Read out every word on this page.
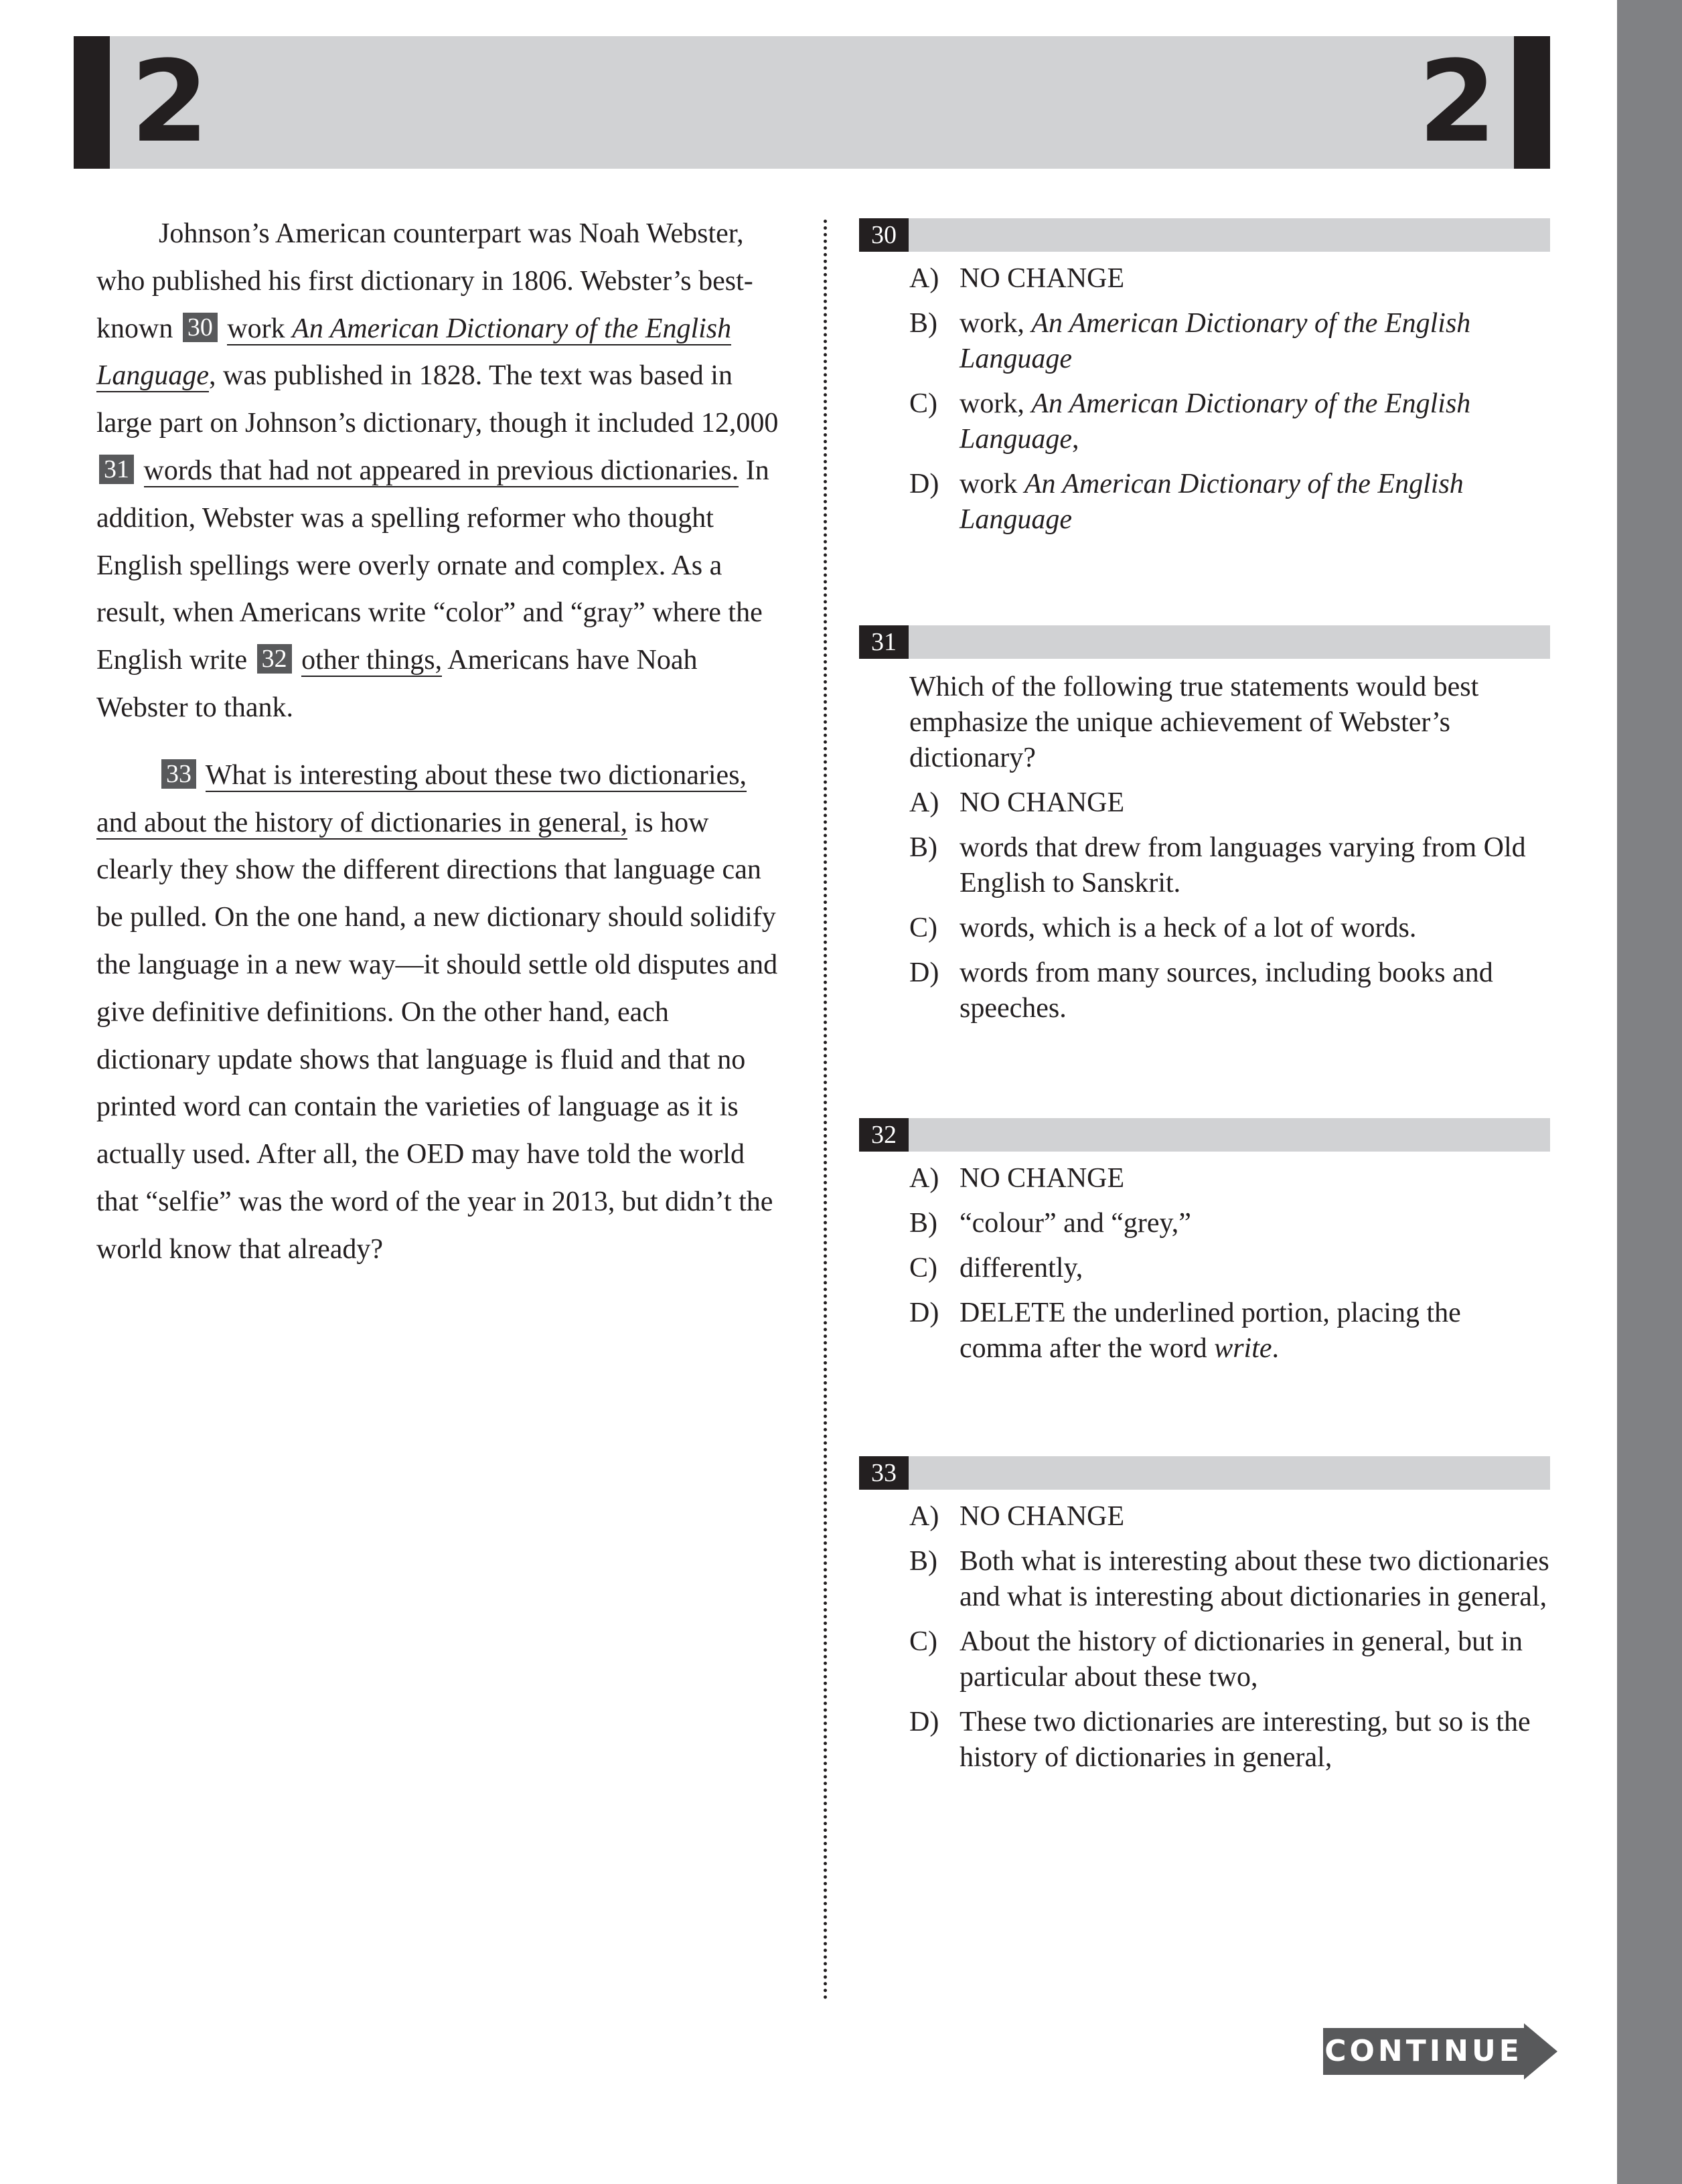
2	2

Johnson’s American counterpart was Noah Webster, who published his first dictionary in 1806. Webster’s best-known 30 work An American Dictionary of the English Language, was published in 1828. The text was based in large part on Johnson’s dictionary, though it included 12,000 31 words that had not appeared in previous dictionaries. In addition, Webster was a spelling reformer who thought English spellings were overly ornate and complex. As a result, when Americans write “color” and “gray” where the English write 32 other things, Americans have Noah Webster to thank.

33 What is interesting about these two dictionaries, and about the history of dictionaries in general, is how clearly they show the different directions that language can be pulled. On the one hand, a new dictionary should solidify the language in a new way—it should settle old disputes and give definitive definitions. On the other hand, each dictionary update shows that language is fluid and that no printed word can contain the varieties of language as it is actually used. After all, the OED may have told the world that “selfie” was the word of the year in 2013, but didn’t the world know that already?

30
A) NO CHANGE
B) work, An American Dictionary of the English Language
C) work, An American Dictionary of the English Language,
D) work An American Dictionary of the English Language
31
Which of the following true statements would best emphasize the unique achievement of Webster’s dictionary?
A) NO CHANGE
B) words that drew from languages varying from Old English to Sanskrit.
C) words, which is a heck of a lot of words.
D) words from many sources, including books and speeches.
32
A) NO CHANGE
B) “colour” and “grey,”
C) differently,
D) DELETE the underlined portion, placing the comma after the word write.
33
A) NO CHANGE
B) Both what is interesting about these two dictionaries and what is interesting about dictionaries in general,
C) About the history of dictionaries in general, but in particular about these two,
D) These two dictionaries are interesting, but so is the history of dictionaries in general,
CONTINUE
